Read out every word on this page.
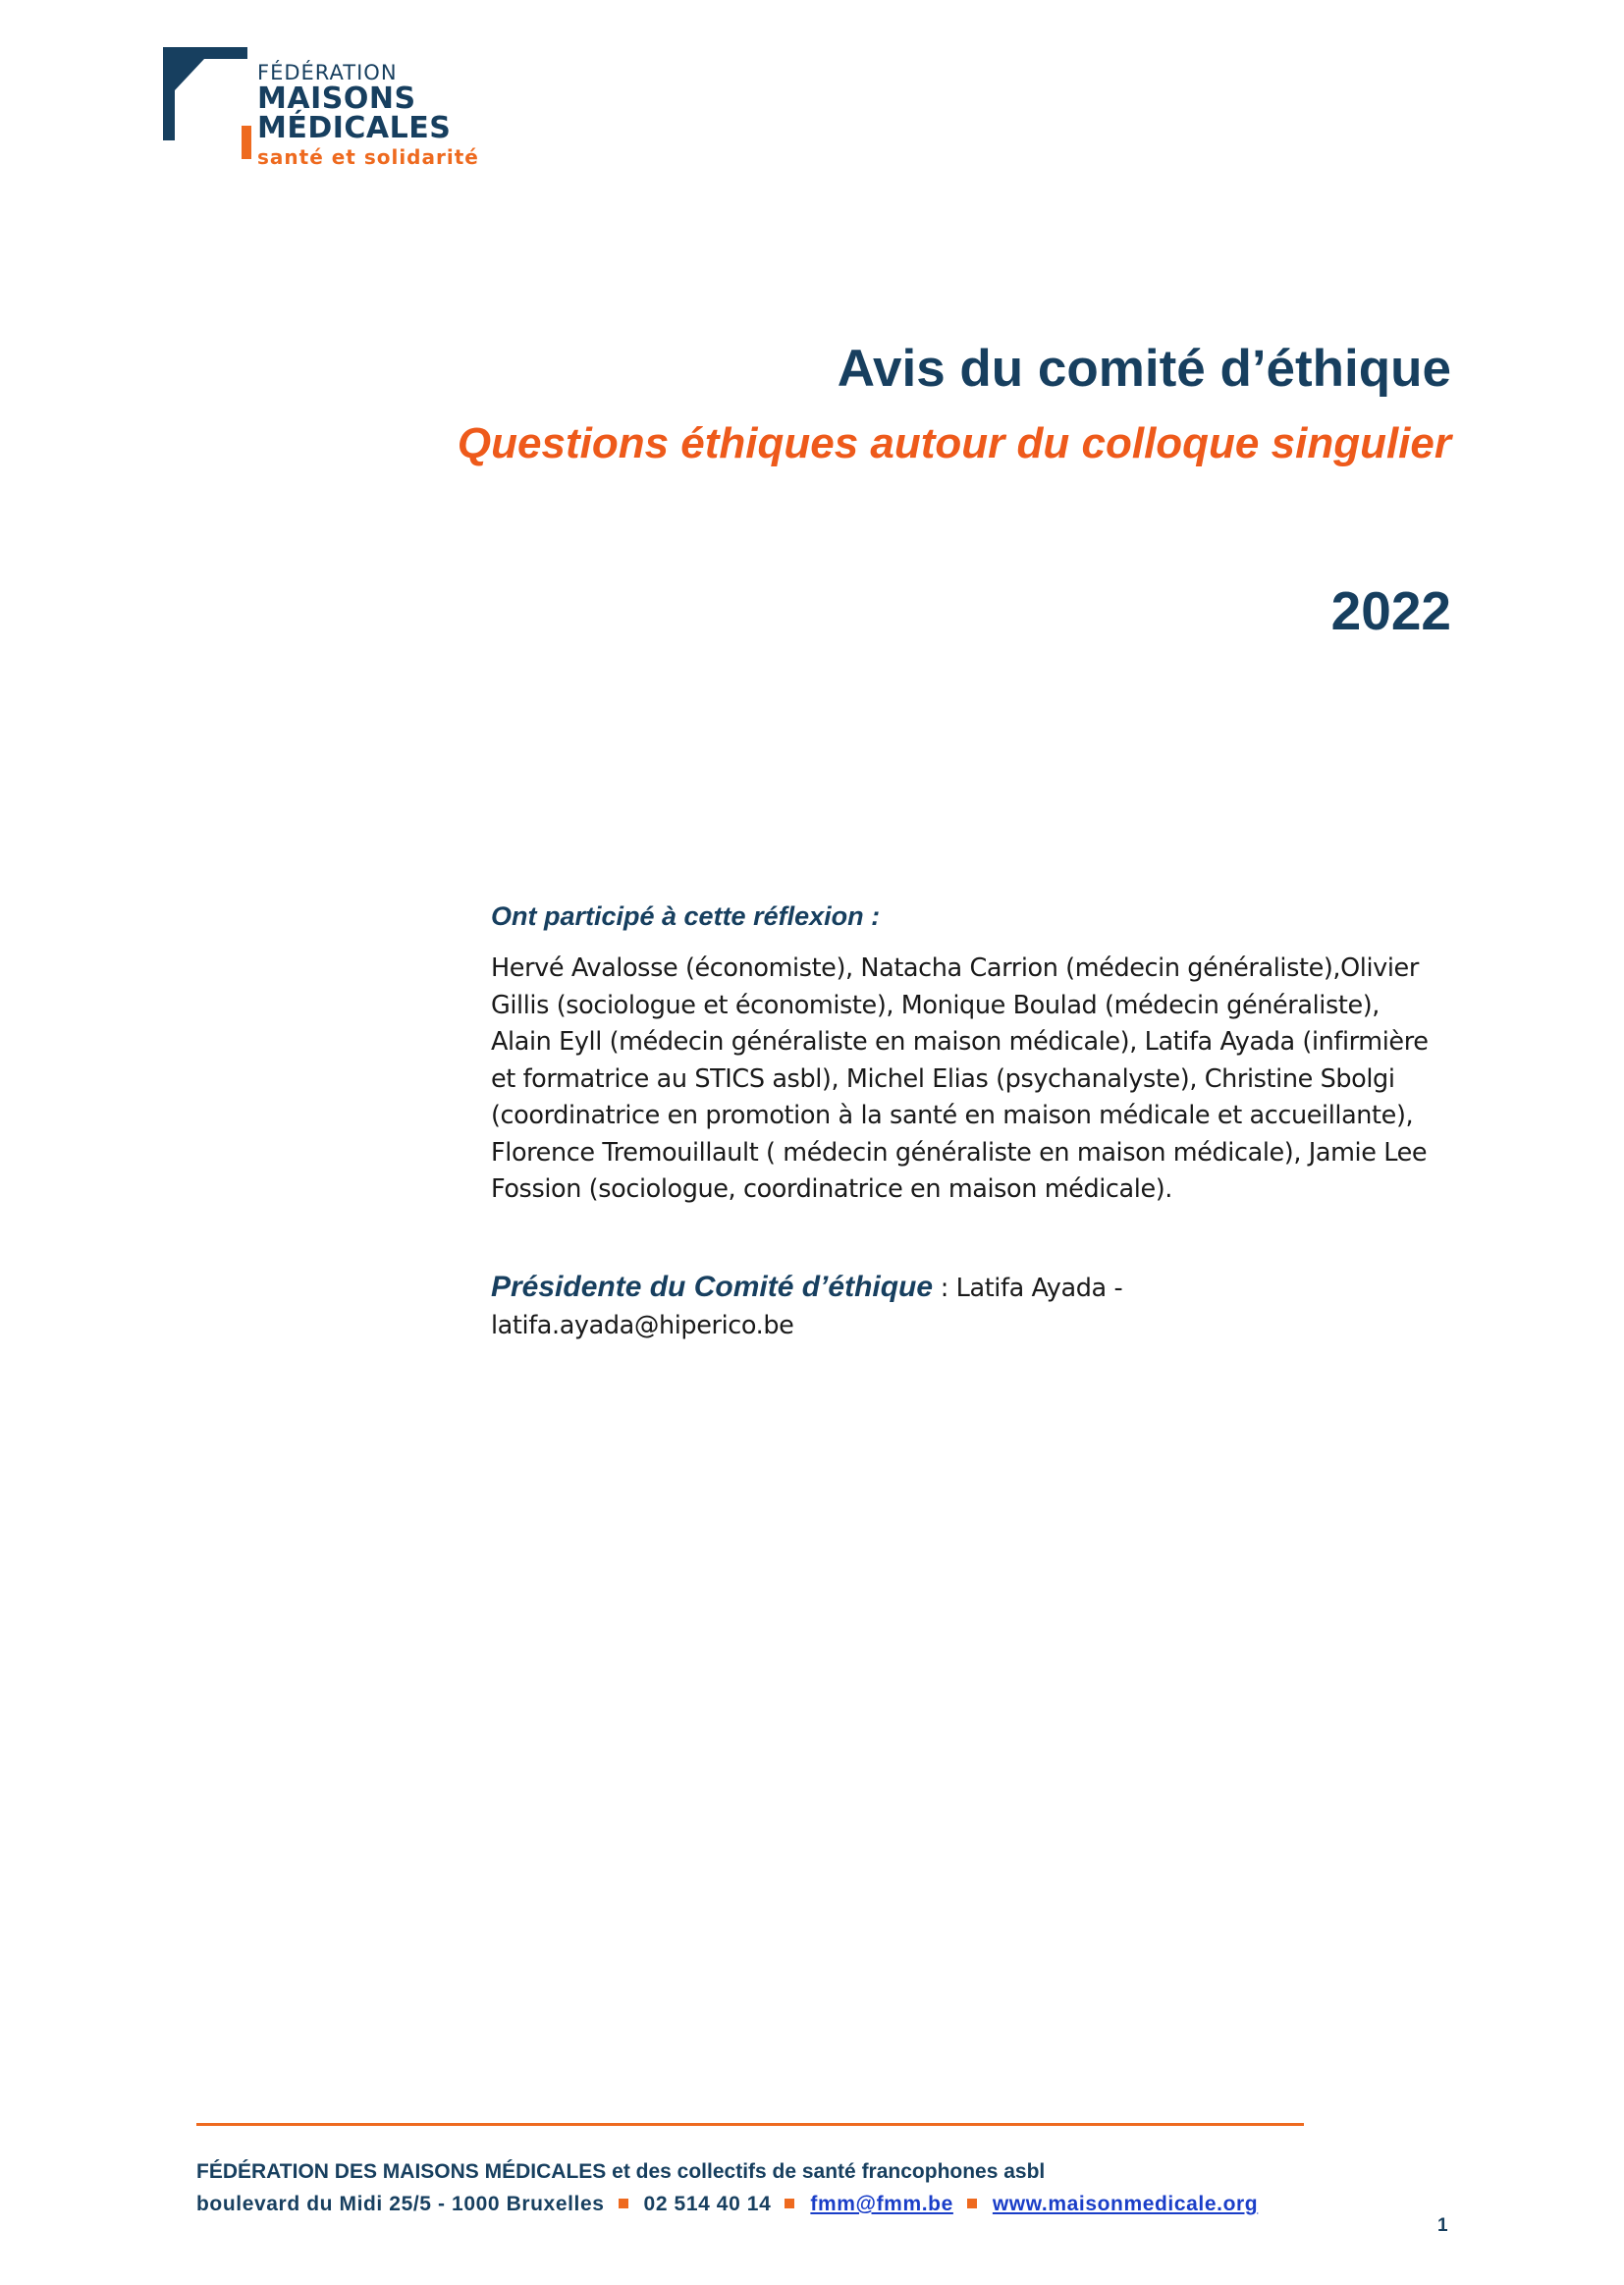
FÉDÉRATION
MAISONS
MÉDICALES
santé et solidarité
Avis du comité d’éthique
Questions éthiques autour du colloque singulier
2022
Ont participé à cette réflexion :
Hervé Avalosse (économiste), Natacha Carrion (médecin généraliste),Olivier
Gillis (sociologue et économiste), Monique Boulad (médecin généraliste),
Alain Eyll (médecin généraliste en maison médicale), Latifa Ayada (infirmière
et formatrice au STICS asbl), Michel Elias (psychanalyste), Christine Sbolgi
(coordinatrice en promotion à la santé en maison médicale et accueillante),
Florence Tremouillault ( médecin généraliste en maison médicale), Jamie Lee
Fossion (sociologue, coordinatrice en maison médicale).
Présidente du Comité d’éthique : Latifa Ayada -
latifa.ayada@hiperico.be
FÉDÉRATION DES MAISONS MÉDICALES et des collectifs de santé francophones asbl
boulevard du Midi 25/5 - 1000 Bruxelles 02 514 40 14 fmm@fmm.be www.maisonmedicale.org
1
